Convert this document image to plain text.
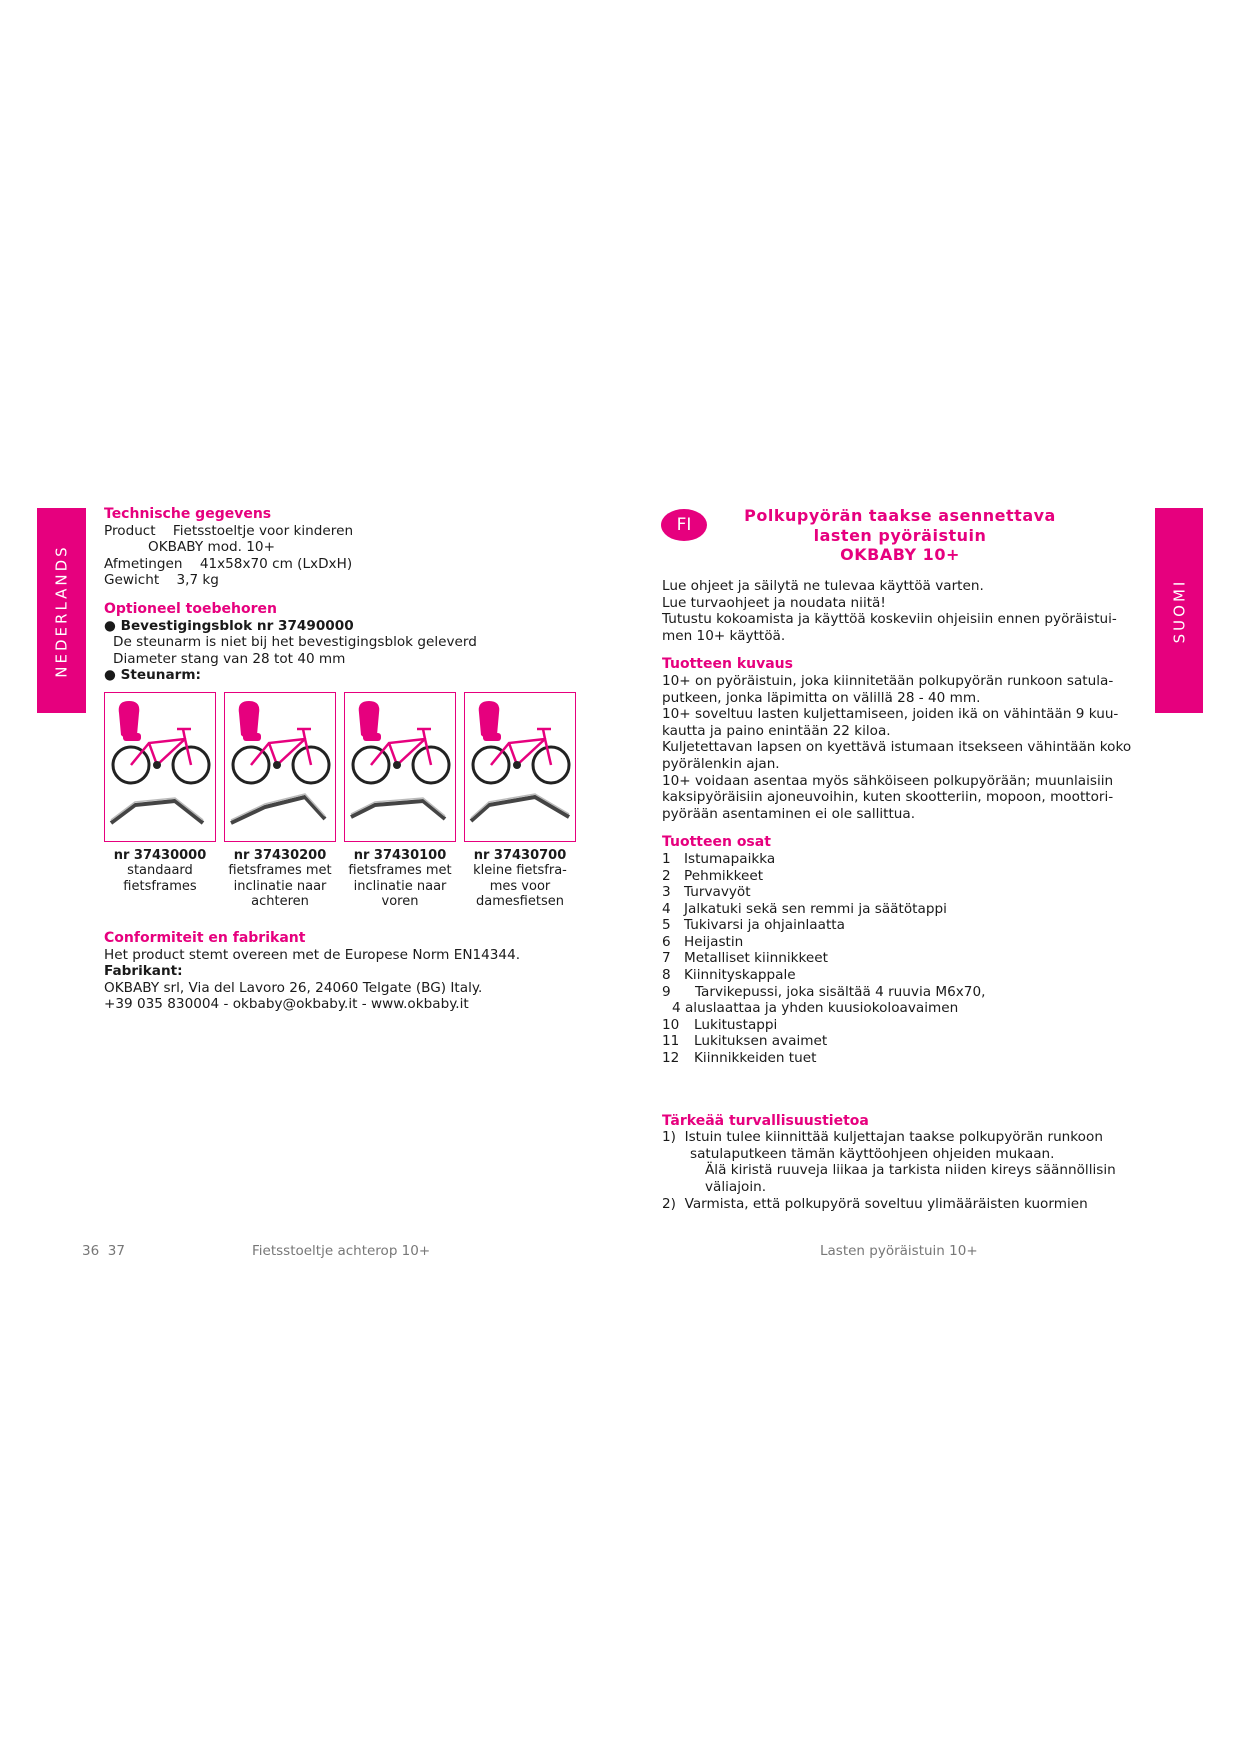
NEDERLANDS

Technische gegevens

Product    Fietsstoeltje voor kinderen

OKBABY mod. 10+

Afmetingen    41x58x70 cm (LxDxH)

Gewicht    3,7 kg

Optioneel toebehoren

● Bevestigingsblok nr 37490000

De steunarm is niet bij het bevestigingsblok geleverd

Diameter stang van 28 tot 40 mm

● Steunarm:

nr 37430000

standaard

fietsframes

nr 37430200

fietsframes met

inclinatie naar

achteren

nr 37430100

fietsframes met

inclinatie naar

voren

nr 37430700

kleine fietsfra-

mes voor

damesfietsen

Conformiteit en fabrikant

Het product stemt overeen met de Europese Norm EN14344.

Fabrikant:

OKBABY srl, Via del Lavoro 26, 24060 Telgate (BG) Italy.

+39 035 830004 - okbaby@okbaby.it - www.okbaby.it

36  37	Fietsstoeltje achterop 10+
SUOMI
FI	Polkupyörän taakse asennettava

lasten pyöräistuin

OKBABY 10+

Lue ohjeet ja säilytä ne tulevaa käyttöä varten.

Lue turvaohjeet ja noudata niitä!

Tutustu kokoamista ja käyttöä koskeviin ohjeisiin ennen pyöräistui-

men 10+ käyttöä.

Tuotteen kuvaus

10+ on pyöräistuin, joka kiinnitetään polkupyörän runkoon satula-

putkeen, jonka läpimitta on välillä 28 - 40 mm.

10+ soveltuu lasten kuljettamiseen, joiden ikä on vähintään 9 kuu-

kautta ja paino enintään 22 kiloa.

Kuljetettavan lapsen on kyettävä istumaan itsekseen vähintään koko

pyörälenkin ajan.

10+ voidaan asentaa myös sähköiseen polkupyörään; muunlaisiin

kaksipyöräisiin ajoneuvoihin, kuten skootteriin, mopoon, moottori-

pyörään asentaminen ei ole sallittua.

Tuotteen osat

1 Istumapaikka
2 Pehmikkeet
3 Turvavyöt
4 Jalkatuki sekä sen remmi ja säätötappi
5 Tukivarsi ja ohjainlaatta
6 Heijastin
7 Metalliset kiinnikkeet
8 Kiinnityskappale
9	Tarvikepussi, joka sisältää 4 ruuvia M6x70,
4 aluslaattaa ja yhden kuusiokoloavaimen
10	Lukitustappi
11	Lukituksen avaimet
12	Kiinnikkeiden tuet

Tärkeää turvallisuustietoa

1)  Istuin tulee kiinnittää kuljettajan taakse polkupyörän runkoon

satulaputkeen tämän käyttöohjeen ohjeiden mukaan.

Älä kiristä ruuveja liikaa ja tarkista niiden kireys säännöllisin

väliajoin.

2)  Varmista, että polkupyörä soveltuu ylimääräisten kuormien

Lasten pyöräistuin 10+
